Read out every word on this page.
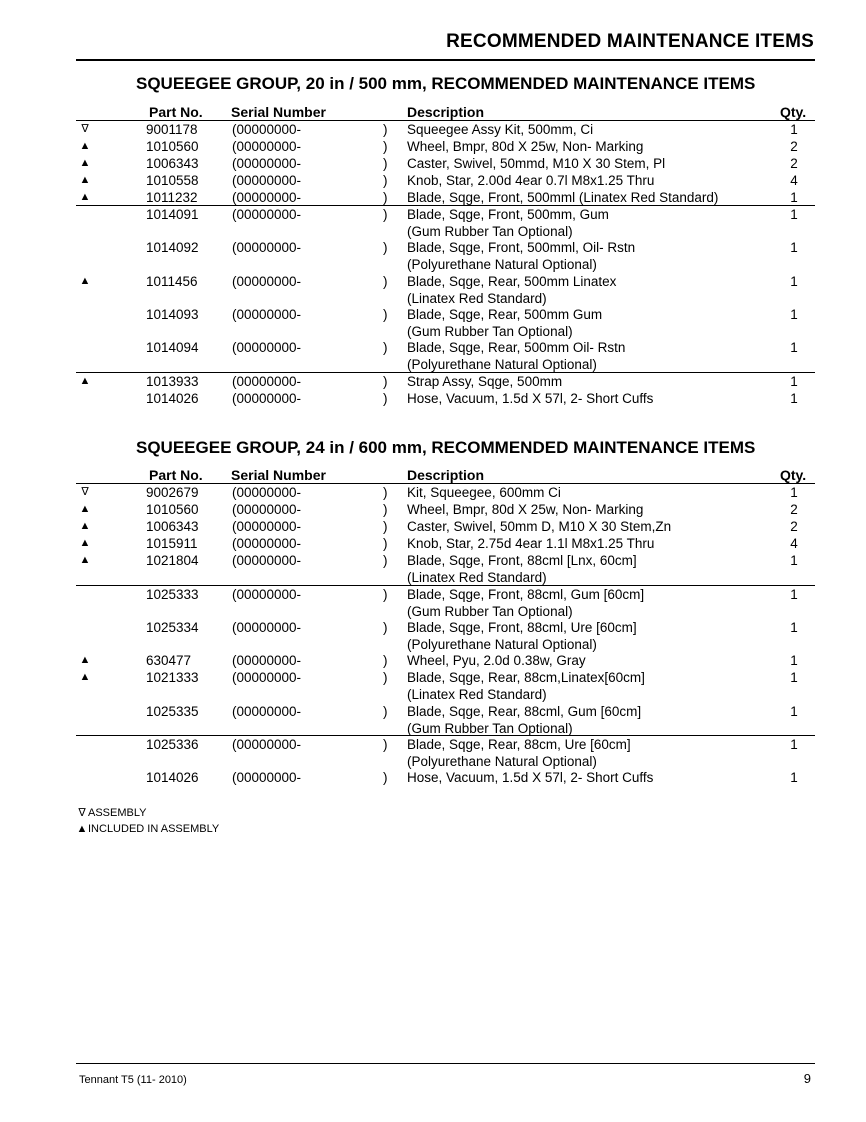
RECOMMENDED MAINTENANCE ITEMS
SQUEEGEE GROUP, 20 in / 500 mm, RECOMMENDED MAINTENANCE ITEMS
Part No. Serial Number	Description	Qty.
∇	9001178	(00000000-	) Squeegee Assy Kit, 500mm, Ci	1
▲	1010560 (00000000-	) Wheel, Bmpr, 80d X 25w, Non- Marking	2
▲	1006343 (00000000-	) Caster, Swivel, 50mmd, M10 X 30 Stem, Pl	2
▲	1010558 (00000000-	) Knob, Star, 2.00d 4ear 0.7l M8x1.25 Thru	4
▲	1011232	(00000000-	) Blade, Sqge, Front, 500mml (Linatex Red Standard)	1
1014091 (00000000-	) Blade, Sqge, Front, 500mm, Gum	1
(Gum Rubber Tan Optional)
1014092 (00000000-	) Blade, Sqge, Front, 500mml, Oil- Rstn	1
(Polyurethane Natural Optional)
▲	1011456	(00000000-	) Blade, Sqge, Rear, 500mm Linatex	1
(Linatex Red Standard)
1014093 (00000000-	) Blade, Sqge, Rear, 500mm Gum	1
(Gum Rubber Tan Optional)
1014094 (00000000-	) Blade, Sqge, Rear, 500mm Oil- Rstn	1
(Polyurethane Natural Optional)
▲	1013933 (00000000-	) Strap Assy, Sqge, 500mm	1
1014026 (00000000-	) Hose, Vacuum, 1.5d X 57l, 2- Short Cuffs	1
SQUEEGEE GROUP, 24 in / 600 mm, RECOMMENDED MAINTENANCE ITEMS
Part No. Serial Number	Description	Qty.
∇	9002679 (00000000-	) Kit, Squeegee, 600mm Ci	1
▲	1010560 (00000000-	) Wheel, Bmpr, 80d X 25w, Non- Marking	2
▲	1006343 (00000000-	) Caster, Swivel, 50mm D, M10 X 30 Stem,Zn	2
▲	1015911	(00000000-	) Knob, Star, 2.75d 4ear 1.1l M8x1.25 Thru	4
▲	1021804 (00000000-	) Blade, Sqge, Front, 88cml [Lnx, 60cm]	1
(Linatex Red Standard)
1025333 (00000000-	) Blade, Sqge, Front, 88cml, Gum [60cm]	1
(Gum Rubber Tan Optional)
1025334 (00000000-	) Blade, Sqge, Front, 88cml, Ure [60cm]	1
(Polyurethane Natural Optional)
▲	630477	(00000000-	) Wheel, Pyu, 2.0d 0.38w, Gray	1
▲	1021333 (00000000-	) Blade, Sqge, Rear, 88cm,Linatex[60cm]	1
(Linatex Red Standard)
1025335 (00000000-	) Blade, Sqge, Rear, 88cml, Gum [60cm]	1
(Gum Rubber Tan Optional)
1025336 (00000000-	) Blade, Sqge, Rear, 88cm, Ure [60cm]	1
(Polyurethane Natural Optional)
1014026 (00000000-	) Hose, Vacuum, 1.5d X 57l, 2- Short Cuffs	1
∇ ASSEMBLY
▲INCLUDED IN ASSEMBLY
Tennant T5 (11- 2010)	9
